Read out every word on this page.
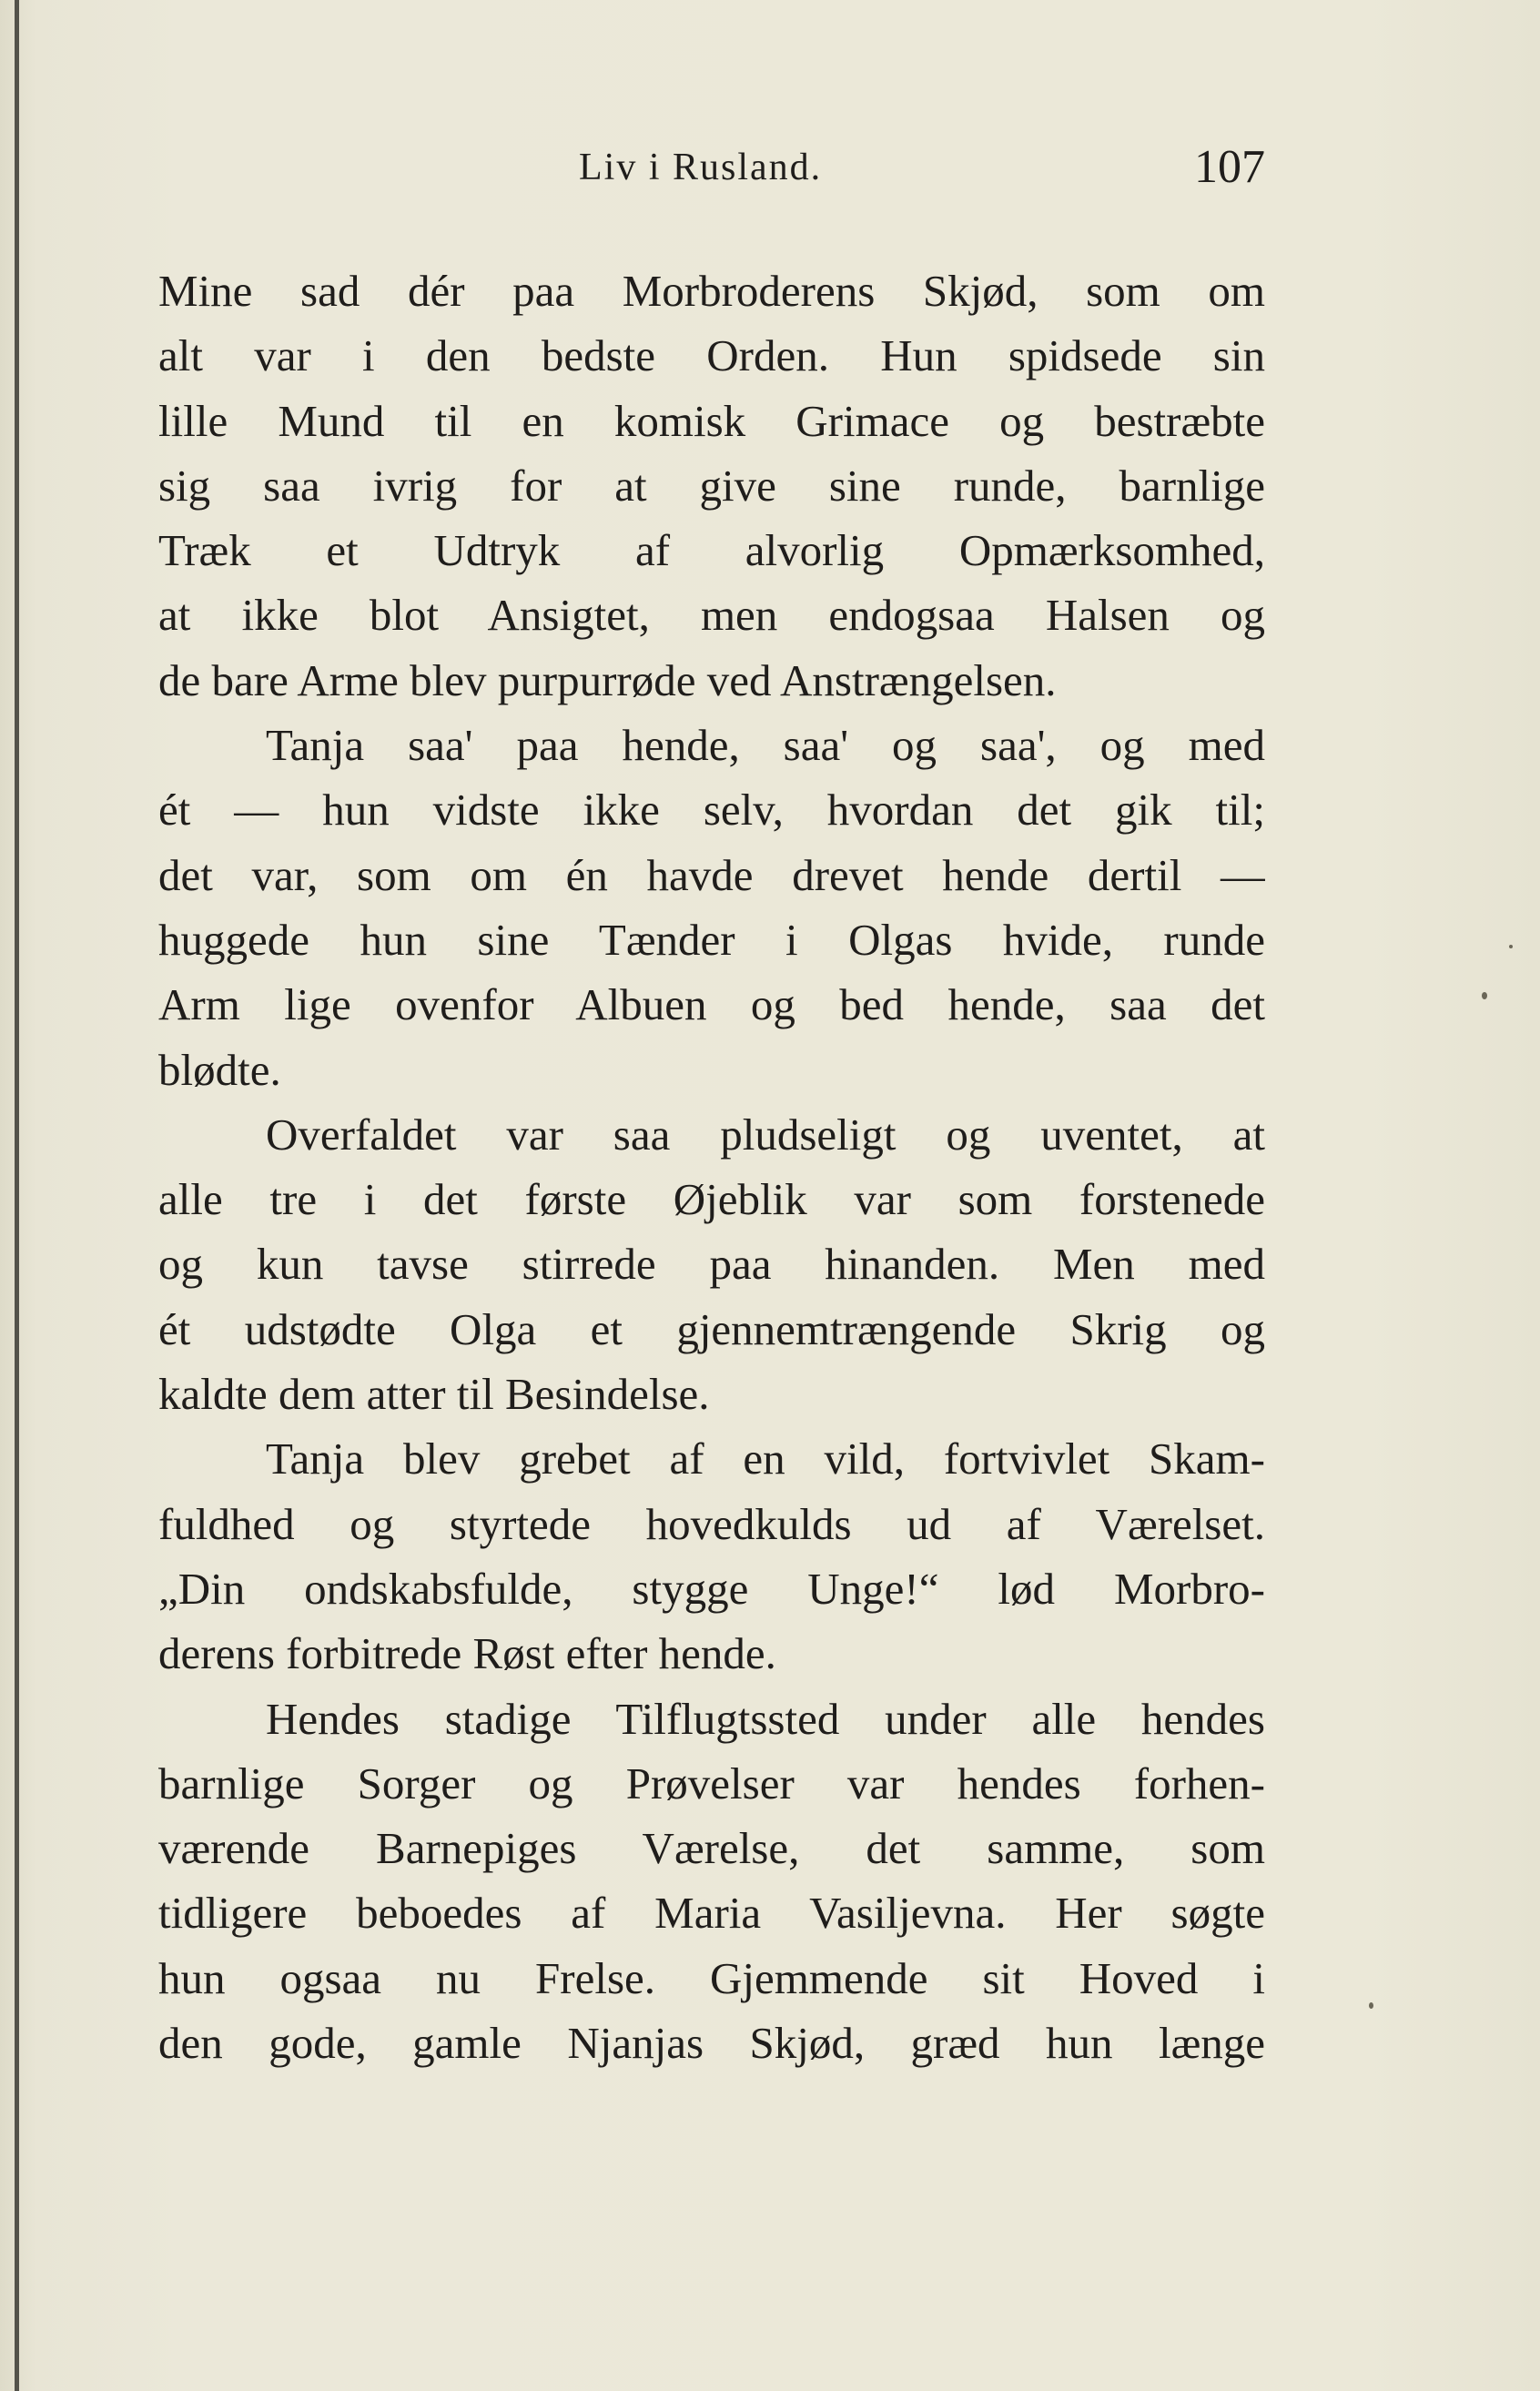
Liv i Rusland.	107
Mine sad dér paa Morbroderens Skjød, som om
alt var i den bedste Orden. Hun spidsede sin
lille Mund til en komisk Grimace og bestræbte
sig saa ivrig for at give sine runde, barnlige
Træk et Udtryk af alvorlig Opmærksomhed,
at ikke blot Ansigtet, men endogsaa Halsen og
de bare Arme blev purpurrøde ved Anstrængelsen.
Tanja saa' paa hende, saa' og saa', og med
ét — hun vidste ikke selv, hvordan det gik til;
det var, som om én havde drevet hende dertil —
huggede hun sine Tænder i Olgas hvide, runde
Arm lige ovenfor Albuen og bed hende, saa det
blødte.
Overfaldet var saa pludseligt og uventet, at
alle tre i det første Øjeblik var som forstenede
og kun tavse stirrede paa hinanden. Men med
ét udstødte Olga et gjennemtrængende Skrig og
kaldte dem atter til Besindelse.
Tanja blev grebet af en vild, fortvivlet Skam-
fuldhed og styrtede hovedkulds ud af Værelset.
„Din ondskabsfulde, stygge Unge!“ lød Morbro-
derens forbitrede Røst efter hende.
Hendes stadige Tilflugtssted under alle hendes
barnlige Sorger og Prøvelser var hendes forhen-
værende Barnepiges Værelse, det samme, som
tidligere beboedes af Maria Vasiljevna. Her søgte
hun ogsaa nu Frelse. Gjemmende sit Hoved i
den gode, gamle Njanjas Skjød, græd hun længe
